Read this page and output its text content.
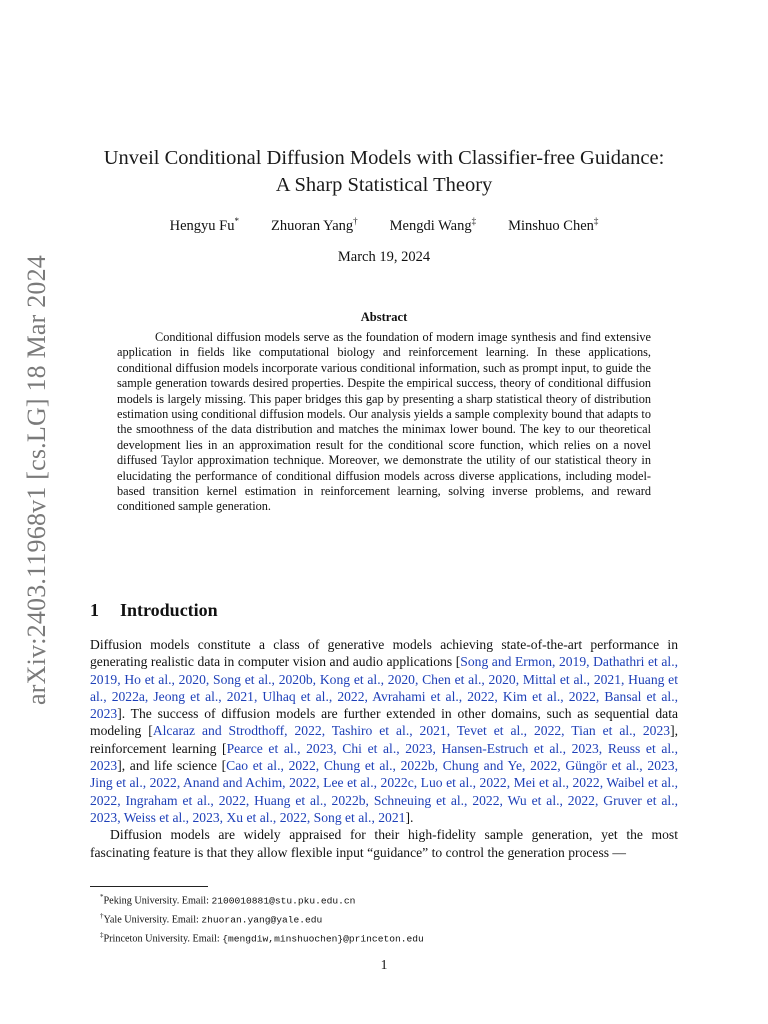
arXiv:2403.11968v1 [cs.LG] 18 Mar 2024
Unveil Conditional Diffusion Models with Classifier-free Guidance:
A Sharp Statistical Theory
Hengyu Fu* Zhuoran Yang† Mengdi Wang‡ Minshuo Chen‡
March 19, 2024
Abstract
Conditional diffusion models serve as the foundation of modern image synthesis and find extensive application in fields like computational biology and reinforcement learning. In these applications, conditional diffusion models incorporate various conditional information, such as prompt input, to guide the sample generation towards desired properties. Despite the empirical success, theory of conditional diffusion models is largely missing. This paper bridges this gap by presenting a sharp statistical theory of distribution estimation using conditional diffusion models. Our analysis yields a sample complexity bound that adapts to the smoothness of the data distribution and matches the minimax lower bound. The key to our theoretical development lies in an approximation result for the conditional score function, which relies on a novel diffused Taylor approximation technique. Moreover, we demonstrate the utility of our statistical theory in elucidating the performance of conditional diffusion models across diverse applications, including model-based transition kernel estimation in reinforcement learning, solving inverse problems, and reward conditioned sample generation.
1 Introduction

Diffusion models constitute a class of generative models achieving state-of-the-art performance in generating realistic data in computer vision and audio applications [Song and Ermon, 2019, Dathathri et al., 2019, Ho et al., 2020, Song et al., 2020b, Kong et al., 2020, Chen et al., 2020, Mittal et al., 2021, Huang et al., 2022a, Jeong et al., 2021, Ulhaq et al., 2022, Avrahami et al., 2022, Kim et al., 2022, Bansal et al., 2023]. The success of diffusion models are further extended in other domains, such as sequential data modeling [Alcaraz and Strodthoff, 2022, Tashiro et al., 2021, Tevet et al., 2022, Tian et al., 2023], reinforcement learning [Pearce et al., 2023, Chi et al., 2023, Hansen-Estruch et al., 2023, Reuss et al., 2023], and life science [Cao et al., 2022, Chung et al., 2022b, Chung and Ye, 2022, Güngör et al., 2023, Jing et al., 2022, Anand and Achim, 2022, Lee et al., 2022c, Luo et al., 2022, Mei et al., 2022, Waibel et al., 2022, Ingraham et al., 2022, Huang et al., 2022b, Schneuing et al., 2022, Wu et al., 2022, Gruver et al., 2023, Weiss et al., 2023, Xu et al., 2022, Song et al., 2021].

Diffusion models are widely appraised for their high-fidelity sample generation, yet the most fascinating feature is that they allow flexible input “guidance” to control the generation process —

*Peking University. Email: 2100010881@stu.pku.edu.cn
†Yale University. Email: zhuoran.yang@yale.edu
‡Princeton University. Email: {mengdiw,minshuochen}@princeton.edu
1
